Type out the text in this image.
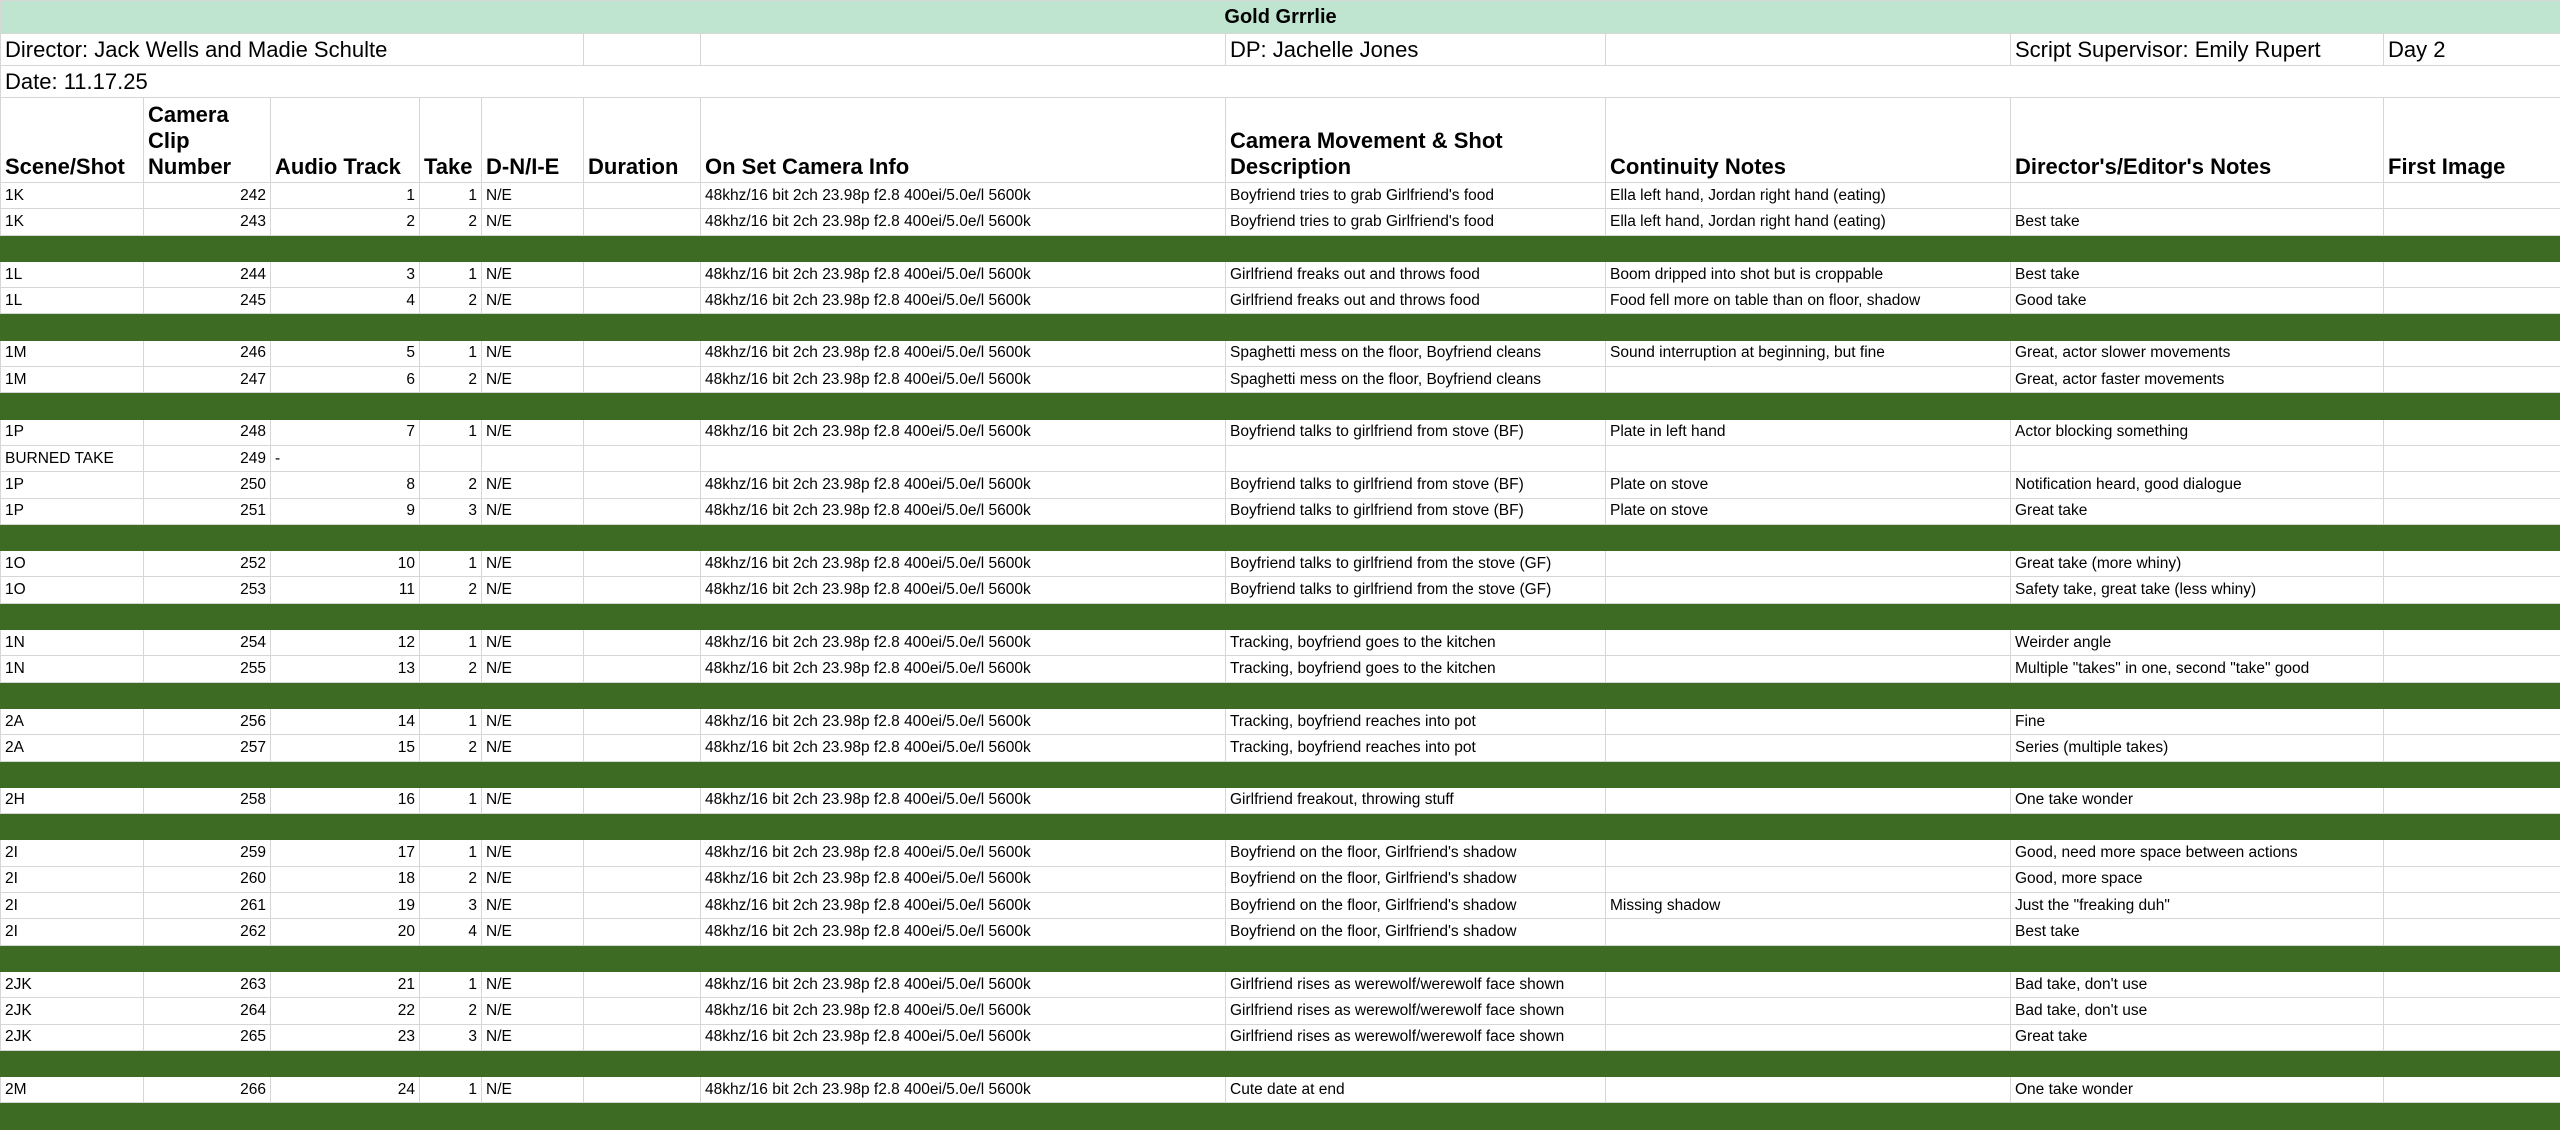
Gold Grrrlie										
Director: Jack Wells and Madie Schulte							DP: Jachelle Jones		Script Supervisor: Emily Rupert	Day 2
Date: 11.17.25										
Scene/Shot	Camera Clip Number	Audio Track	Take	D-N/I-E	Duration	On Set Camera Info	Camera Movement & Shot Description	Continuity Notes	Director's/Editor's Notes	First Image
1K	242	1	1	N/E		48khz/16 bit 2ch 23.98p f2.8 400ei/5.0e/l 5600k	Boyfriend tries to grab Girlfriend's food	Ella left hand, Jordan right hand (eating)		
1K	243	2	2	N/E		48khz/16 bit 2ch 23.98p f2.8 400ei/5.0e/l 5600k	Boyfriend tries to grab Girlfriend's food	Ella left hand, Jordan right hand (eating)	Best take	

1L	244	3	1	N/E		48khz/16 bit 2ch 23.98p f2.8 400ei/5.0e/l 5600k	Girlfriend freaks out and throws food	Boom dripped into shot but is croppable	Best take	
1L	245	4	2	N/E		48khz/16 bit 2ch 23.98p f2.8 400ei/5.0e/l 5600k	Girlfriend freaks out and throws food	Food fell more on table than on floor, shadow	Good take	

1M	246	5	1	N/E		48khz/16 bit 2ch 23.98p f2.8 400ei/5.0e/l 5600k	Spaghetti mess on the floor, Boyfriend cleans	Sound interruption at beginning, but fine	Great, actor slower movements	
1M	247	6	2	N/E		48khz/16 bit 2ch 23.98p f2.8 400ei/5.0e/l 5600k	Spaghetti mess on the floor, Boyfriend cleans		Great, actor faster movements	

1P	248	7	1	N/E		48khz/16 bit 2ch 23.98p f2.8 400ei/5.0e/l 5600k	Boyfriend talks to girlfriend from stove (BF)	Plate in left hand	Actor blocking something	
BURNED TAKE	249	-								
1P	250	8	2	N/E		48khz/16 bit 2ch 23.98p f2.8 400ei/5.0e/l 5600k	Boyfriend talks to girlfriend from stove (BF)	Plate on stove	Notification heard, good dialogue	
1P	251	9	3	N/E		48khz/16 bit 2ch 23.98p f2.8 400ei/5.0e/l 5600k	Boyfriend talks to girlfriend from stove (BF)	Plate on stove	Great take	

1O	252	10	1	N/E		48khz/16 bit 2ch 23.98p f2.8 400ei/5.0e/l 5600k	Boyfriend talks to girlfriend from the stove (GF)		Great take (more whiny)	
1O	253	11	2	N/E		48khz/16 bit 2ch 23.98p f2.8 400ei/5.0e/l 5600k	Boyfriend talks to girlfriend from the stove (GF)		Safety take, great take (less whiny)	

1N	254	12	1	N/E		48khz/16 bit 2ch 23.98p f2.8 400ei/5.0e/l 5600k	Tracking, boyfriend goes to the kitchen		Weirder angle	
1N	255	13	2	N/E		48khz/16 bit 2ch 23.98p f2.8 400ei/5.0e/l 5600k	Tracking, boyfriend goes to the kitchen		Multiple "takes" in one, second "take" good	

2A	256	14	1	N/E		48khz/16 bit 2ch 23.98p f2.8 400ei/5.0e/l 5600k	Tracking, boyfriend reaches into pot		Fine	
2A	257	15	2	N/E		48khz/16 bit 2ch 23.98p f2.8 400ei/5.0e/l 5600k	Tracking, boyfriend reaches into pot		Series (multiple takes)	

2H	258	16	1	N/E		48khz/16 bit 2ch 23.98p f2.8 400ei/5.0e/l 5600k	Girlfriend freakout, throwing stuff		One take wonder	

2I	259	17	1	N/E		48khz/16 bit 2ch 23.98p f2.8 400ei/5.0e/l 5600k	Boyfriend on the floor, Girlfriend's shadow		Good, need more space between actions	
2I	260	18	2	N/E		48khz/16 bit 2ch 23.98p f2.8 400ei/5.0e/l 5600k	Boyfriend on the floor, Girlfriend's shadow		Good, more space	
2I	261	19	3	N/E		48khz/16 bit 2ch 23.98p f2.8 400ei/5.0e/l 5600k	Boyfriend on the floor, Girlfriend's shadow	Missing shadow	Just the "freaking duh"	
2I	262	20	4	N/E		48khz/16 bit 2ch 23.98p f2.8 400ei/5.0e/l 5600k	Boyfriend on the floor, Girlfriend's shadow		Best take	

2JK	263	21	1	N/E		48khz/16 bit 2ch 23.98p f2.8 400ei/5.0e/l 5600k	Girlfriend rises as werewolf/werewolf face shown		Bad take, don't use	
2JK	264	22	2	N/E		48khz/16 bit 2ch 23.98p f2.8 400ei/5.0e/l 5600k	Girlfriend rises as werewolf/werewolf face shown		Bad take, don't use	
2JK	265	23	3	N/E		48khz/16 bit 2ch 23.98p f2.8 400ei/5.0e/l 5600k	Girlfriend rises as werewolf/werewolf face shown		Great take	

2M	266	24	1	N/E		48khz/16 bit 2ch 23.98p f2.8 400ei/5.0e/l 5600k	Cute date at end		One take wonder	
